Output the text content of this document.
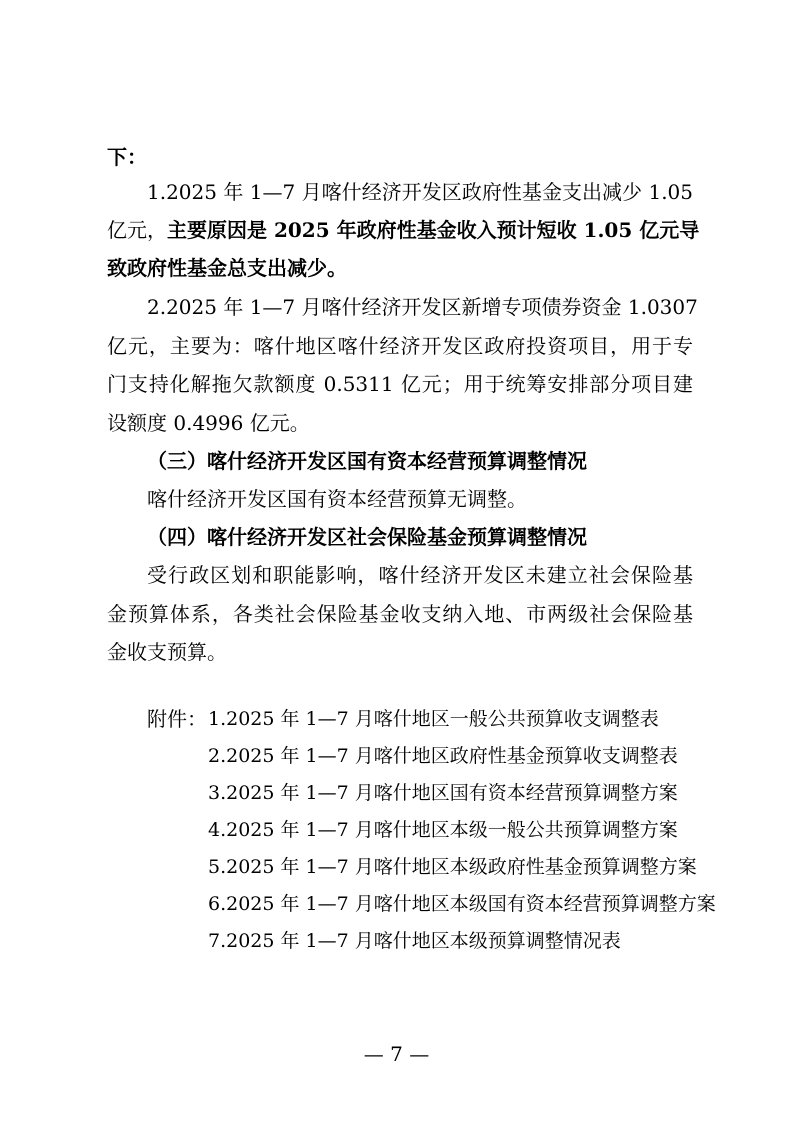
下：
1.2025 年 1—7 月喀什经济开发区政府性基金支出减少 1.05
亿元，主要原因是 2025 年政府性基金收入预计短收 1.05 亿元导
致政府性基金总支出减少。
2.2025 年 1—7 月喀什经济开发区新增专项债券资金 1.0307
亿元，主要为：喀什地区喀什经济开发区政府投资项目，用于专
门支持化解拖欠款额度 0.5311 亿元；用于统筹安排部分项目建
设额度 0.4996 亿元。
（三）喀什经济开发区国有资本经营预算调整情况
喀什经济开发区国有资本经营预算无调整。
（四）喀什经济开发区社会保险基金预算调整情况
受行政区划和职能影响，喀什经济开发区未建立社会保险基
金预算体系，各类社会保险基金收支纳入地、市两级社会保险基
金收支预算。
附件： 1.2025 年 1—7 月喀什地区一般公共预算收支调整表
2.2025 年 1—7 月喀什地区政府性基金预算收支调整表
3.2025 年 1—7 月喀什地区国有资本经营预算调整方案
4.2025 年 1—7 月喀什地区本级一般公共预算调整方案
5.2025 年 1—7 月喀什地区本级政府性基金预算调整方案
6.2025 年 1—7 月喀什地区本级国有资本经营预算调整方案
7.2025 年 1—7 月喀什地区本级预算调整情况表
— 7 —
